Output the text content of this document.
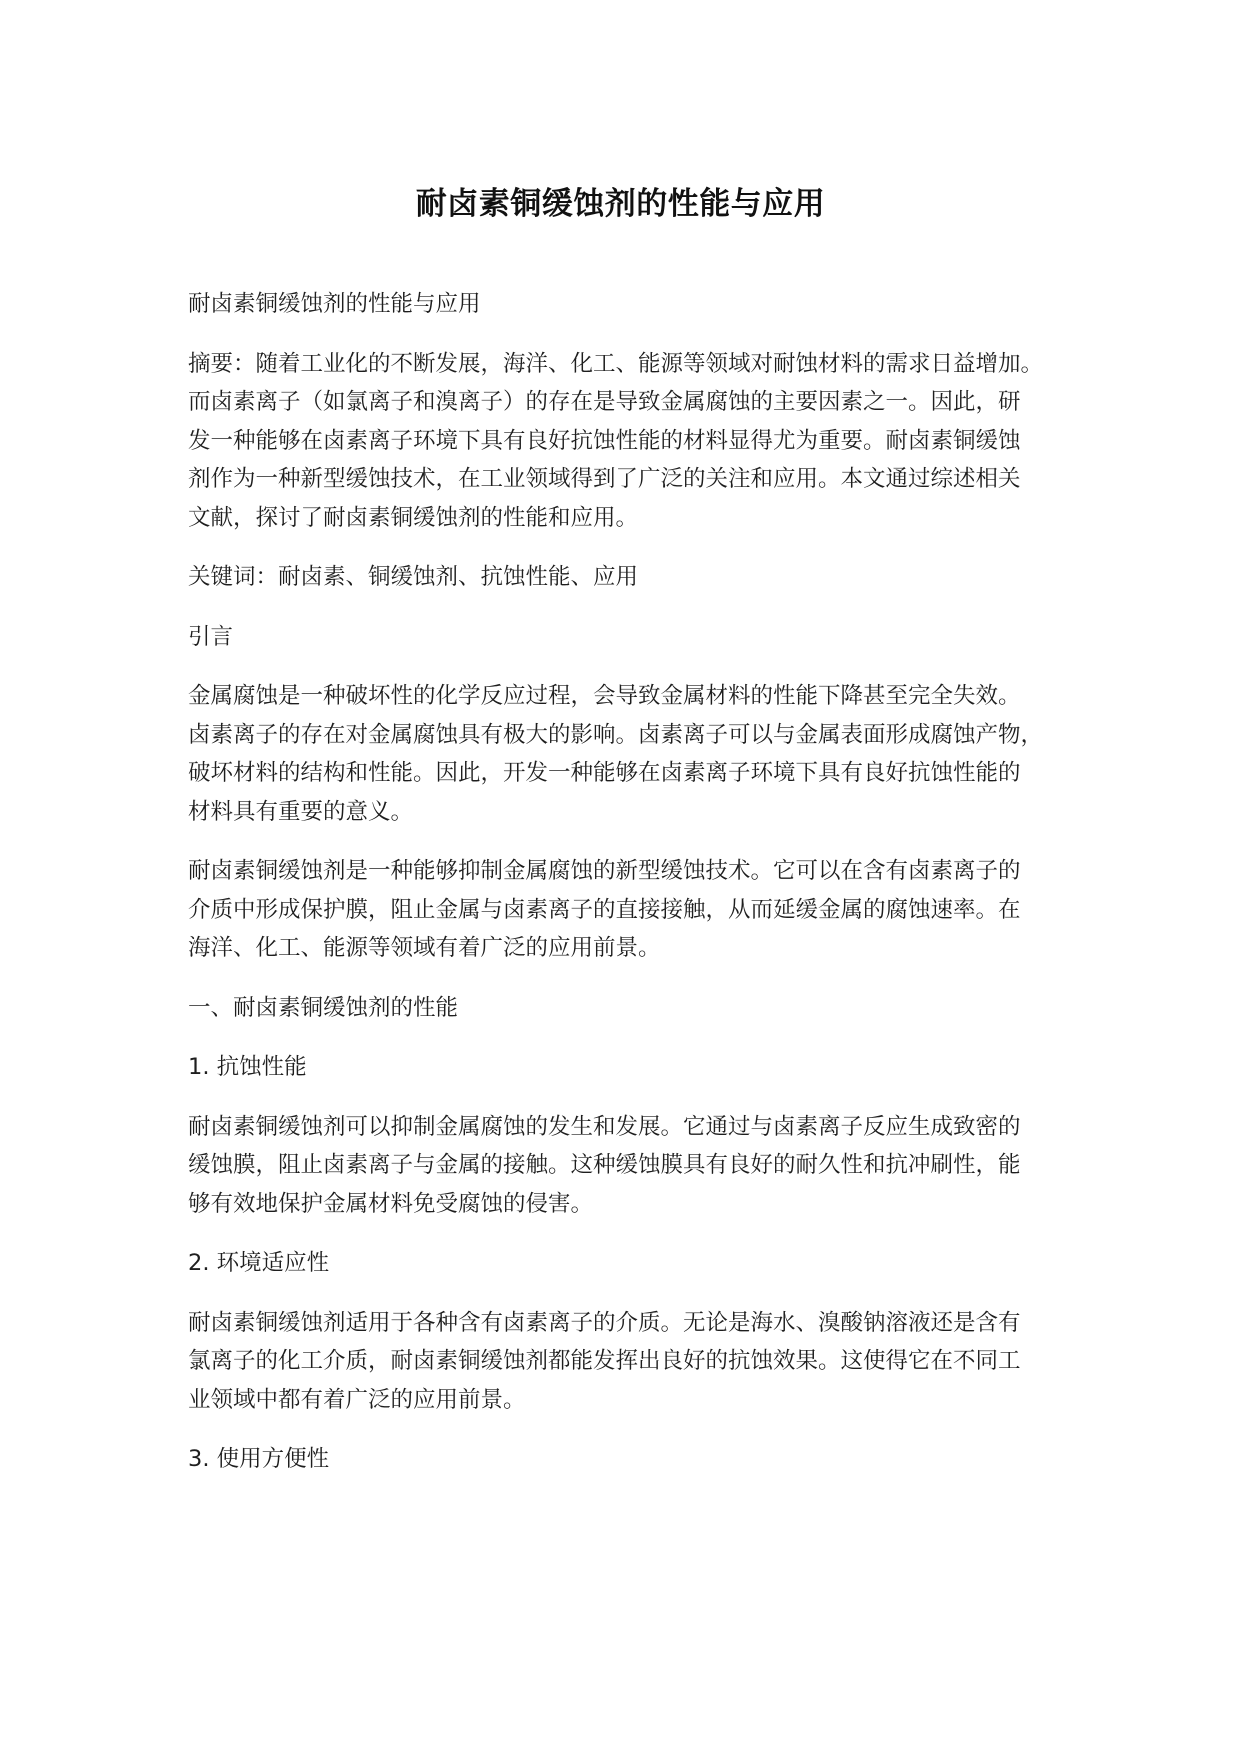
耐卤素铜缓蚀剂的性能与应用

耐卤素铜缓蚀剂的性能与应用

摘要：随着工业化的不断发展，海洋、化工、能源等领域对耐蚀材料的需求日益增加。
而卤素离子（如氯离子和溴离子）的存在是导致金属腐蚀的主要因素之一。因此，研
发一种能够在卤素离子环境下具有良好抗蚀性能的材料显得尤为重要。耐卤素铜缓蚀
剂作为一种新型缓蚀技术，在工业领域得到了广泛的关注和应用。本文通过综述相关
文献，探讨了耐卤素铜缓蚀剂的性能和应用。

关键词：耐卤素、铜缓蚀剂、抗蚀性能、应用

引言

金属腐蚀是一种破坏性的化学反应过程，会导致金属材料的性能下降甚至完全失效。
卤素离子的存在对金属腐蚀具有极大的影响。卤素离子可以与金属表面形成腐蚀产物，
破坏材料的结构和性能。因此，开发一种能够在卤素离子环境下具有良好抗蚀性能的
材料具有重要的意义。

耐卤素铜缓蚀剂是一种能够抑制金属腐蚀的新型缓蚀技术。它可以在含有卤素离子的
介质中形成保护膜，阻止金属与卤素离子的直接接触，从而延缓金属的腐蚀速率。在
海洋、化工、能源等领域有着广泛的应用前景。

一、耐卤素铜缓蚀剂的性能

1. 抗蚀性能

耐卤素铜缓蚀剂可以抑制金属腐蚀的发生和发展。它通过与卤素离子反应生成致密的
缓蚀膜，阻止卤素离子与金属的接触。这种缓蚀膜具有良好的耐久性和抗冲刷性，能
够有效地保护金属材料免受腐蚀的侵害。

2. 环境适应性

耐卤素铜缓蚀剂适用于各种含有卤素离子的介质。无论是海水、溴酸钠溶液还是含有
氯离子的化工介质，耐卤素铜缓蚀剂都能发挥出良好的抗蚀效果。这使得它在不同工
业领域中都有着广泛的应用前景。

3. 使用方便性
